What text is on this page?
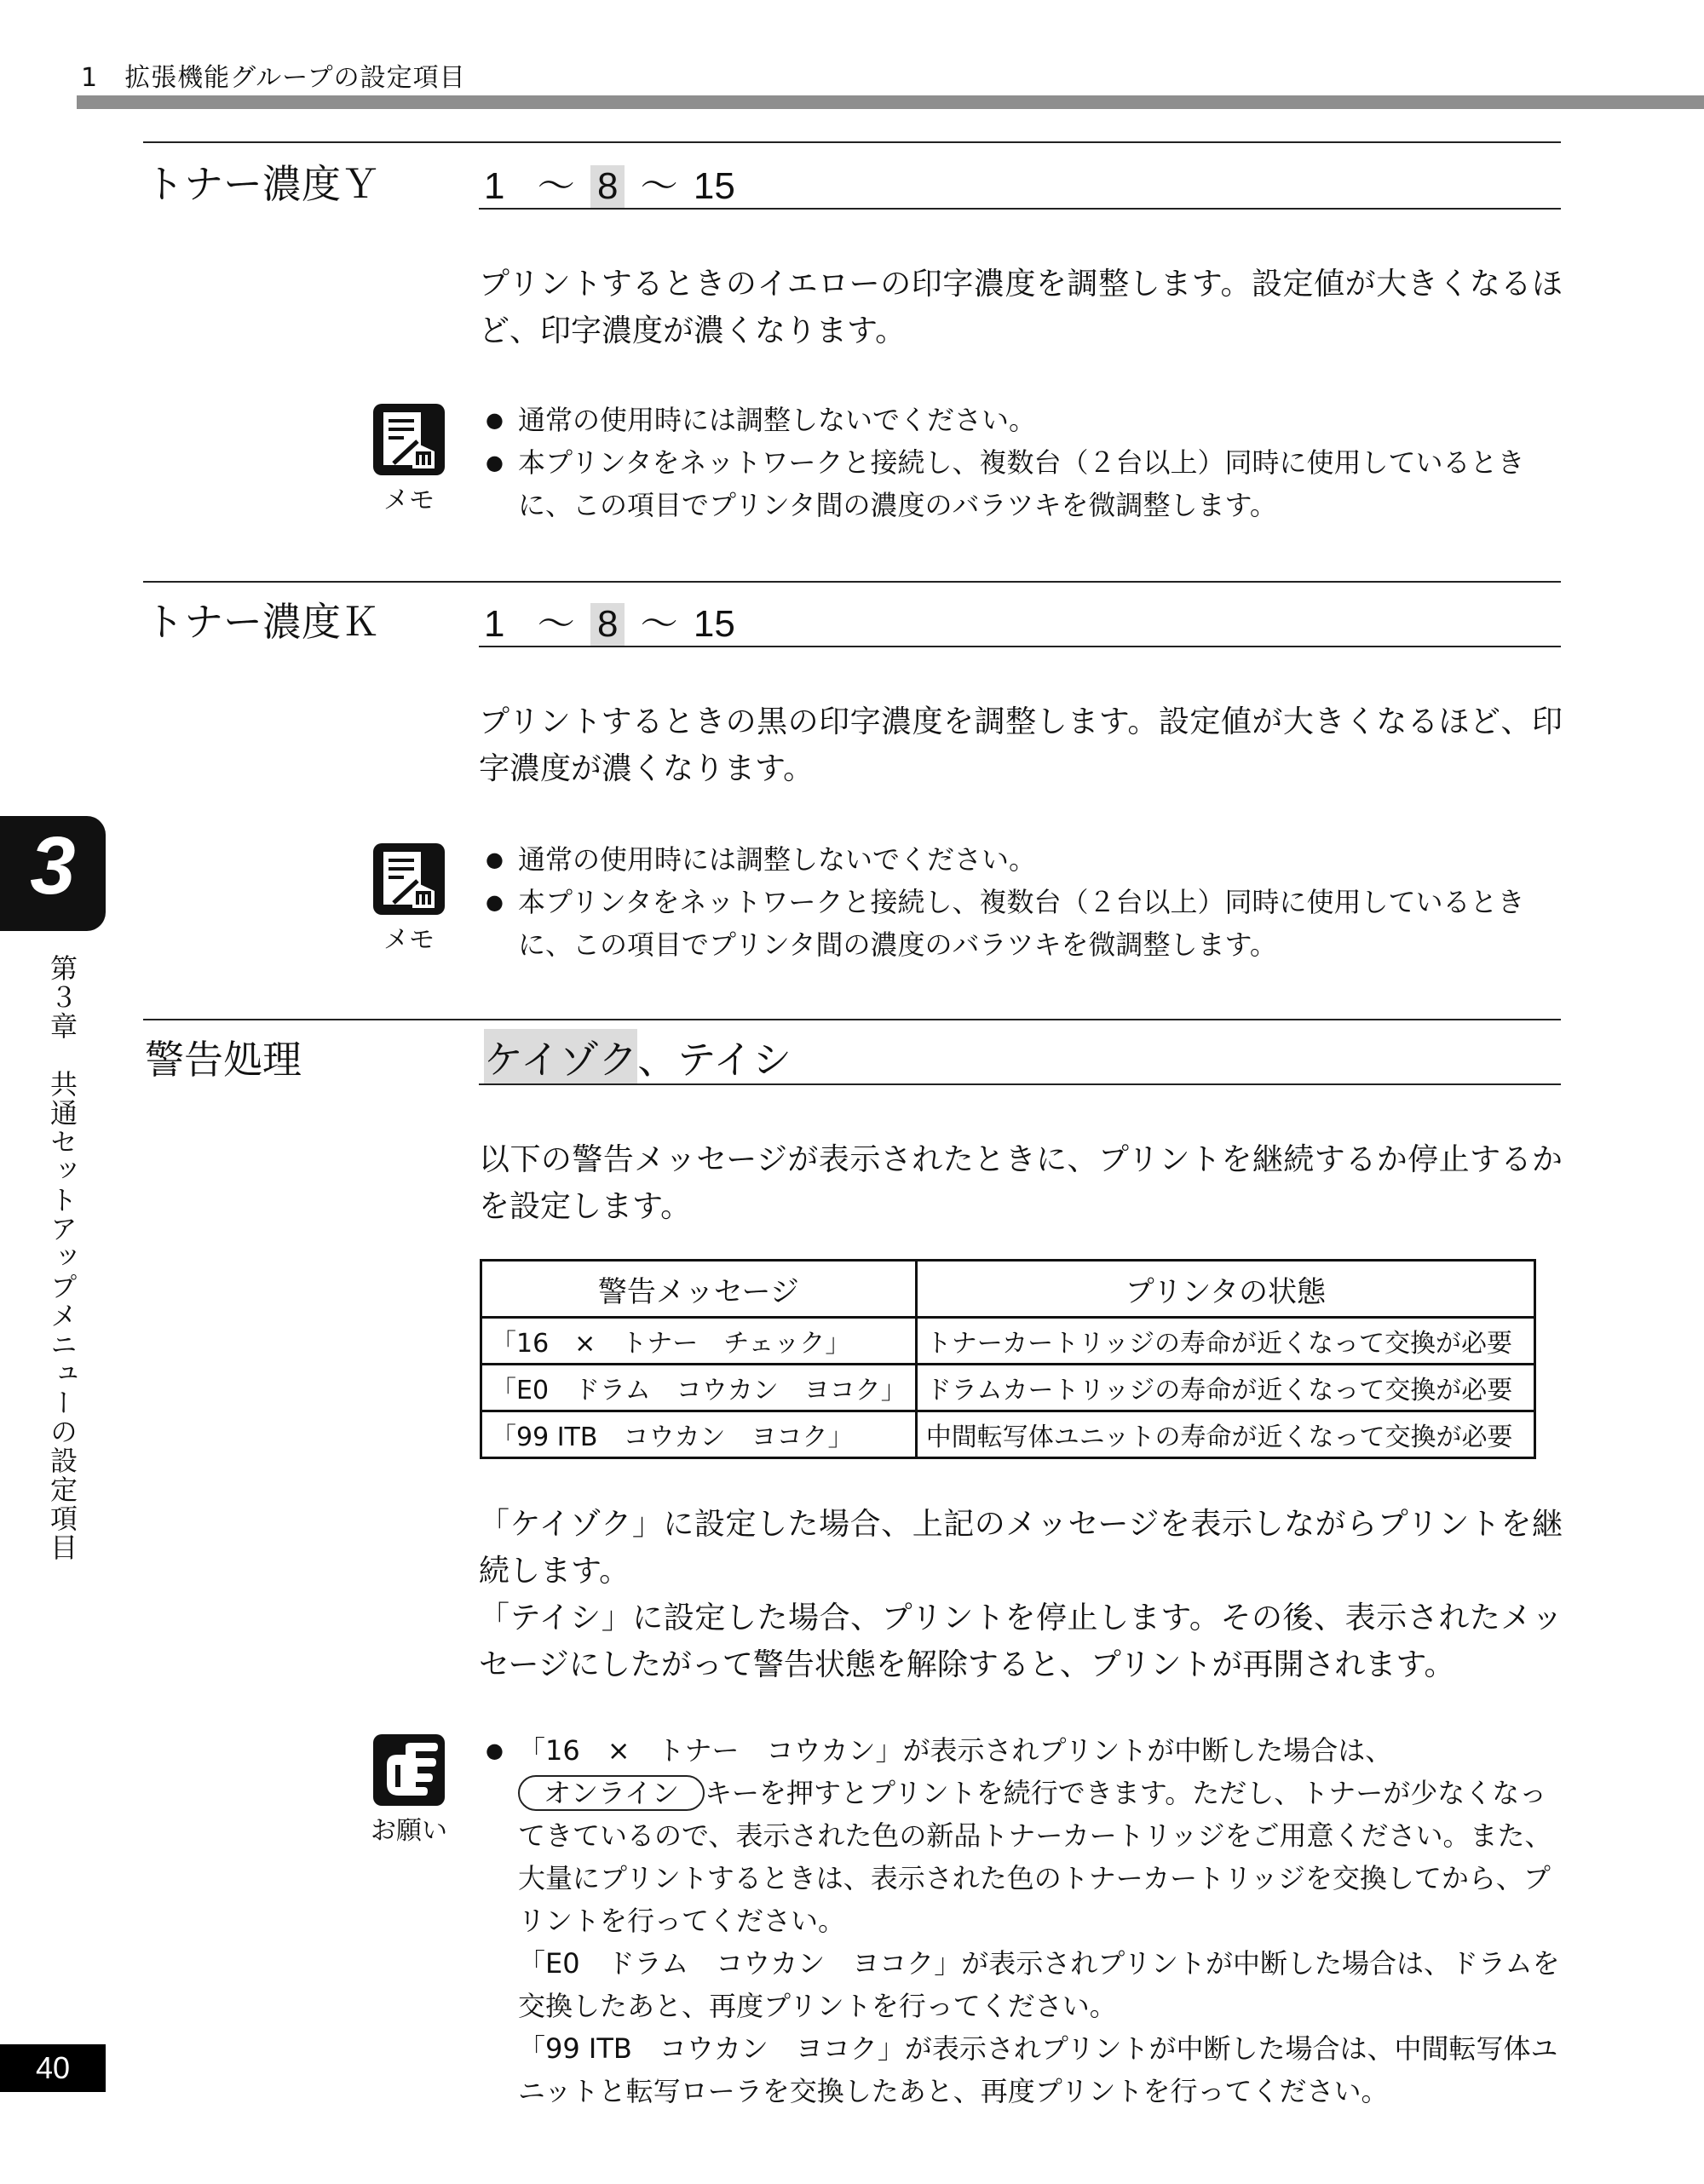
1　拡張機能グループの設定項目
トナー濃度Ｙ	1 ～ 8 ～ 15
プリントするときのイエローの印字濃度を調整します。設定値が大きくなるほど、印字濃度が濃くなります。
メモ
● 通常の使用時には調整しないでください。
● 本プリンタをネットワークと接続し、複数台（２台以上）同時に使用しているときに、この項目でプリンタ間の濃度のバラツキを微調整します。
トナー濃度Ｋ	1 ～ 8 ～ 15
プリントするときの黒の印字濃度を調整します。設定値が大きくなるほど、印字濃度が濃くなります。
メモ
● 通常の使用時には調整しないでください。
● 本プリンタをネットワークと接続し、複数台（２台以上）同時に使用しているときに、この項目でプリンタ間の濃度のバラツキを微調整します。
警告処理	ケイゾク、テイシ
以下の警告メッセージが表示されたときに、プリントを継続するか停止するかを設定します。
警告メッセージ	プリンタの状態
「16　×　トナー　チェック」	トナーカートリッジの寿命が近くなって交換が必要
「E0　ドラム　コウカン　ヨコク」	ドラムカートリッジの寿命が近くなって交換が必要
「99 ITB　コウカン　ヨコク」	中間転写体ユニットの寿命が近くなって交換が必要
「ケイゾク」に設定した場合、上記のメッセージを表示しながらプリントを継続します。
「テイシ」に設定した場合、プリントを停止します。その後、表示されたメッセージにしたがって警告状態を解除すると、プリントが再開されます。
お願い
● 「16　×　トナー　コウカン」が表示されプリントが中断した場合は、オンライン キーを押すとプリントを続行できます。ただし、トナーが少なくなってきているので、表示された色の新品トナーカートリッジをご用意ください。また、大量にプリントするときは、表示された色のトナーカートリッジを交換してから、プリントを行ってください。
「E0　ドラム　コウカン　ヨコク」が表示されプリントが中断した場合は、ドラムを交換したあと、再度プリントを行ってください。
「99 ITB　コウカン　ヨコク」が表示されプリントが中断した場合は、中間転写体ユニットと転写ローラを交換したあと、再度プリントを行ってください。
3
第３章　共通セットアップメニューの設定項目
40
